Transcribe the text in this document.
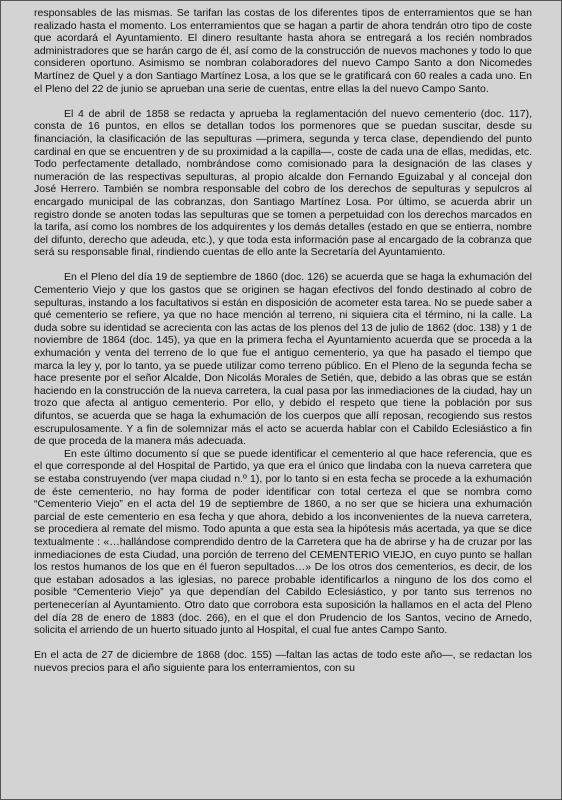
responsables de las mismas. Se tarifan las costas de los diferentes tipos de enterramientos que se han realizado hasta el momento. Los enterramientos que se hagan a partir de ahora tendrán otro tipo de coste que acordará el Ayuntamiento. El dinero resultante hasta ahora se entregará a los recién nombrados administradores que se harán cargo de él, así como de la construcción de nuevos machones y todo lo que consideren oportuno. Asimismo se nombran colaboradores del nuevo Campo Santo a don Nicomedes Martínez de Quel y a don Santiago Martínez Losa, a los que se le gratificará con 60 reales a cada uno. En el Pleno del 22 de junio se aprueban una serie de cuentas, entre ellas la del nuevo Campo Santo.

El 4 de abril de 1858 se redacta y aprueba la reglamentación del nuevo cementerio (doc. 117), consta de 16 puntos, en ellos se detallan todos los pormenores que se puedan suscitar, desde su financiación, la clasificación de las sepulturas —primera, segunda y terca clase, dependiendo del punto cardinal en que se encuentren y de su proximidad a la capilla—, coste de cada una de ellas, medidas, etc. Todo perfectamente detallado, nombrándose como comisionado para la designación de las clases y numeración de las respectivas sepulturas, al propio alcalde don Fernando Eguizabal y al concejal don José Herrero. También se nombra responsable del cobro de los derechos de sepulturas y sepulcros al encargado municipal de las cobranzas, don Santiago Martínez Losa. Por último, se acuerda abrir un registro donde se anoten todas las sepulturas que se tomen a perpetuidad con los derechos marcados en la tarifa, así como los nombres de los adquirentes y los demás detalles (estado en que se entierra, nombre del difunto, derecho que adeuda, etc.), y que toda esta información pase al encargado de la cobranza que será su responsable final, rindiendo cuentas de ello ante la Secretaría del Ayuntamiento.

En el Pleno del día 19 de septiembre de 1860 (doc. 126) se acuerda que se haga la exhumación del Cementerio Viejo y que los gastos que se originen se hagan efectivos del fondo destinado al cobro de sepulturas, instando a los facultativos si están en disposición de acometer esta tarea. No se puede saber a qué cementerio se refiere, ya que no hace mención al terreno, ni siquiera cita el término, ni la calle. La duda sobre su identidad se acrecienta con las actas de los plenos del 13 de julio de 1862 (doc. 138) y 1 de noviembre de 1864 (doc. 145), ya que en la primera fecha el Ayuntamiento acuerda que se proceda a la exhumación y venta del terreno de lo que fue el antiguo cementerio, ya que ha pasado el tiempo que marca la ley y, por lo tanto, ya se puede utilizar como terreno público. En el Pleno de la segunda fecha se hace presente por el señor Alcalde, Don Nicolás Morales de Setién, que, debido a las obras que se están haciendo en la construcción de la nueva carretera, la cual pasa por las inmediaciones de la ciudad, hay un trozo que afecta al antiguo cementerio. Por ello, y debido el respeto que tiene la población por sus difuntos, se acuerda que se haga la exhumación de los cuerpos que allí reposan, recogiendo sus restos escrupulosamente. Y a fin de solemnizar más el acto se acuerda hablar con el Cabildo Eclesiástico a fin de que proceda de la manera más adecuada.

En este último documento sí que se puede identificar el cementerio al que hace referencia, que es el que corresponde al del Hospital de Partido, ya que era el único que lindaba con la nueva carretera que se estaba construyendo (ver mapa ciudad n.º 1), por lo tanto si en esta fecha se procede a la exhumación de éste cementerio, no hay forma de poder identificar con total certeza el que se nombra como “Cementerio Viejo” en el acta del 19 de septiembre de 1860, a no ser que se hiciera una exhumación parcial de este cementerio en esa fecha y que ahora, debido a los inconvenientes de la nueva carretera, se procediera al remate del mismo. Todo apunta a que esta sea la hipótesis más acertada, ya que se dice textualmente : «…hallándose comprendido dentro de la Carretera que ha de abrirse y ha de cruzar por las inmediaciones de esta Ciudad, una porción de terreno del CEMENTERIO VIEJO, en cuyo punto se hallan los restos humanos de los que en él fueron sepultados…» De los otros dos cementerios, es decir, de los que estaban adosados a las iglesias, no parece probable identificarlos a ninguno de los dos como el posible “Cementerio Viejo” ya que dependían del Cabildo Eclesiástico, y por tanto sus terrenos no pertenecerían al Ayuntamiento. Otro dato que corrobora esta suposición la hallamos en el acta del Pleno del día 28 de enero de 1883 (doc. 266), en el que el don Prudencio de los Santos, vecino de Arnedo, solicita el arriendo de un huerto situado junto al Hospital, el cual fue antes Campo Santo.

En el acta de 27 de diciembre de 1868 (doc. 155) —faltan las actas de todo este año—, se redactan los nuevos precios para el año siguiente para los enterramientos, con su
